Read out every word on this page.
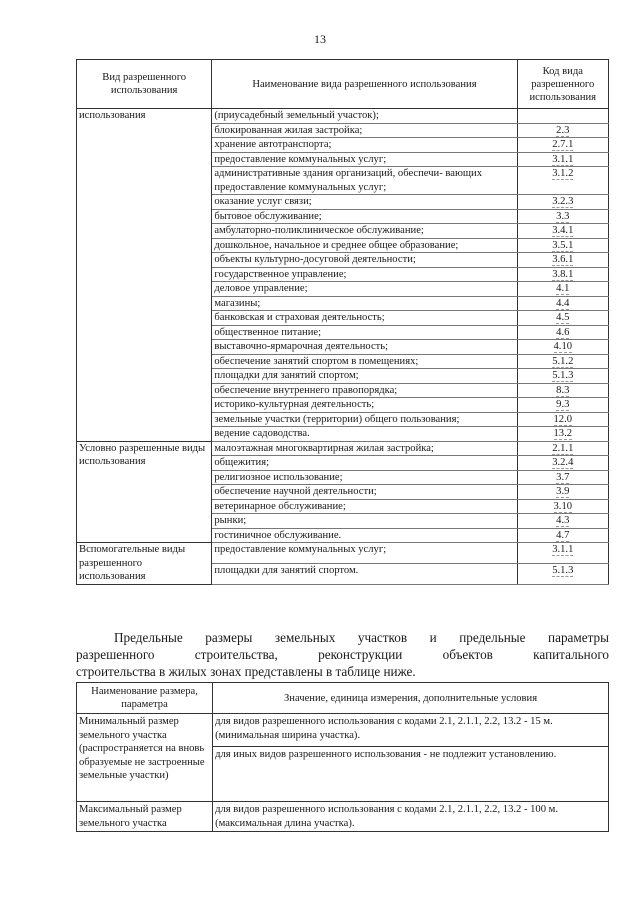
13
Вид разрешенного использования	Наименование вида разрешенного использования	Код вида разрешенного использования
использования	(приусадебный земельный участок);	
	блокированная жилая застройка;	2.3
	хранение автотранспорта;	2.7.1
	предоставление коммунальных услуг;	3.1.1
	административные здания организаций, обеспечи- вающих предоставление коммунальных услуг;	3.1.2
	оказание услуг связи;	3.2.3
	бытовое обслуживание;	3.3
	амбулаторно-поликлиническое обслуживание;	3.4.1
	дошкольное, начальное и среднее общее образование;	3.5.1
	объекты культурно-досуговой деятельности;	3.6.1
	государственное управление;	3.8.1
	деловое управление;	4.1
	магазины;	4.4
	банковская и страховая деятельность;	4.5
	общественное питание;	4.6
	выставочно-ярмарочная деятельность;	4.10
	обеспечение занятий спортом в помещениях;	5.1.2
	площадки для занятий спортом;	5.1.3
	обеспечение внутреннего правопорядка;	8.3
	историко-культурная деятельность;	9.3
	земельные участки (территории) общего пользования;	12.0
	ведение садоводства.	13.2
Условно разрешенные виды использования	малоэтажная многоквартирная жилая застройка;	2.1.1
	общежития;	3.2.4
	религиозное использование;	3.7
	обеспечение научной деятельности;	3.9
	ветеринарное обслуживание;	3.10
	рынки;	4.3
	гостиничное обслуживание.	4.7
Вспомогательные виды разрешенного использования	предоставление коммунальных услуг;	3.1.1
	площадки для занятий спортом.	5.1.3

Предельные размеры земельных участков и предельные параметры

разрешенного строительства, реконструкции объектов капитального

строительства в жилых зонах представлены в таблице ниже.

Наименование размера, параметра	Значение, единица измерения, дополнительные условия
Минимальный размер земельного участка (распространяется на вновь образуемые не застроенные земельные участки)	для видов разрешенного использования с кодами 2.1, 2.1.1, 2.2, 13.2 - 15 м. (минимальная ширина участка).
	для иных видов разрешенного использования - не подлежит установлению.
Максимальный размер земельного участка	для видов разрешенного использования с кодами 2.1, 2.1.1, 2.2, 13.2 - 100 м. (максимальная длина участка).
